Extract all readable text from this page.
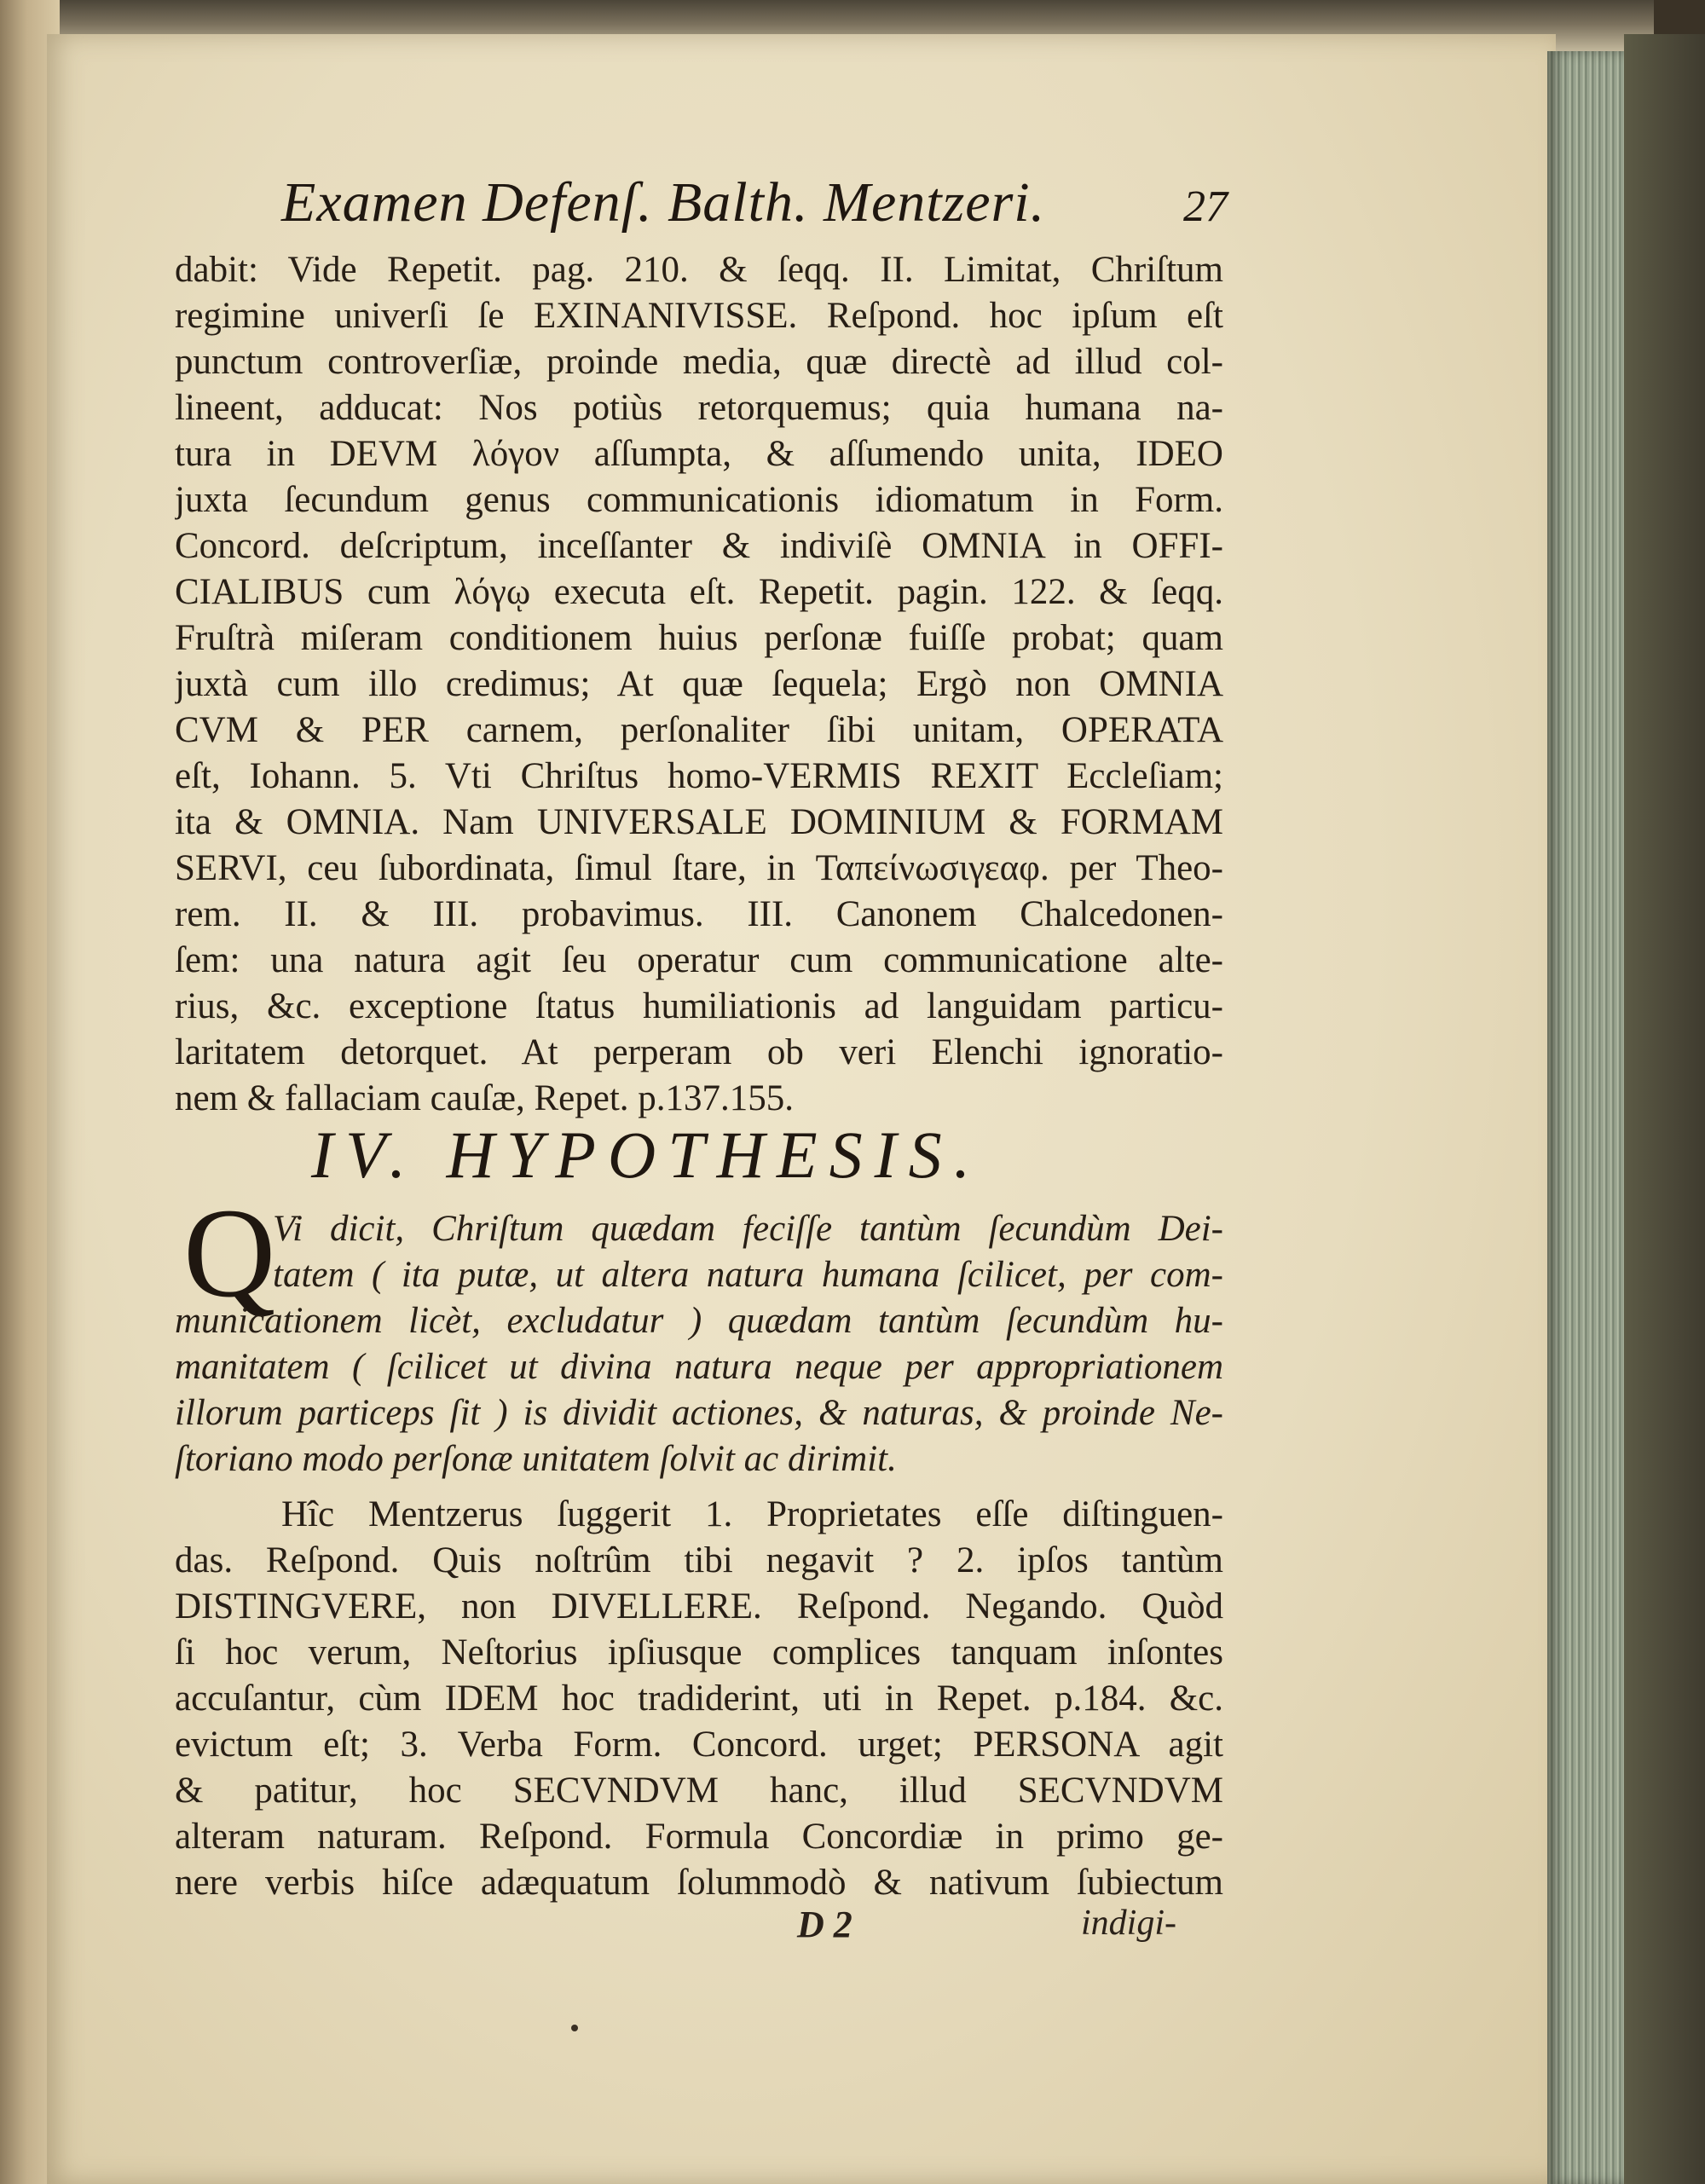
Examen Defenſ. Balth. Mentzeri.	27
dabit: Vide Repetit. pag. 210. & ſeqq. II. Limitat, Chriſtum
regimine univerſi ſe EXINANIVISSE. Reſpond. hoc ipſum eſt
punctum controverſiæ, proinde media, quæ directè ad illud col-
lineent, adducat: Nos potiùs retorquemus; quia humana na-
tura in DEVM λόγον aſſumpta, & aſſumendo unita, IDEO
juxta ſecundum genus communicationis idiomatum in Form.
Concord. deſcriptum, inceſſanter & indiviſè OMNIA in OFFI-
CIALIBUS cum λόγῳ executa eſt. Repetit. pagin. 122. & ſeqq.
Fruſtrà miſeram conditionem huius perſonæ fuiſſe probat; quam
juxtà cum illo credimus; At quæ ſequela; Ergò non OMNIA
CVM & PER carnem, perſonaliter ſibi unitam, OPERATA
eſt, Iohann. 5. Vti Chriſtus homo-VERMIS REXIT Eccleſiam;
ita & OMNIA. Nam UNIVERSALE DOMINIUM & FORMAM
SERVI, ceu ſubordinata, ſimul ſtare, in Ταπείνωσιγεαφ. per Theo-
rem. II. & III. probavimus. III. Canonem Chalcedonen-
ſem: una natura agit ſeu operatur cum communicatione alte-
rius, &c. exceptione ſtatus humiliationis ad languidam particu-
laritatem detorquet. At perperam ob veri Elenchi ignoratio-
nem & fallaciam cauſæ, Repet. p.137.155.
IV. HYPOTHESIS.
Q
Vi dicit, Chriſtum quædam feciſſe tantùm ſecundùm Dei-
tatem ( ita putæ, ut altera natura humana ſcilicet, per com-
municationem licèt, excludatur ) quædam tantùm ſecundùm hu-
manitatem ( ſcilicet ut divina natura neque per appropriationem
illorum particeps ſit ) is dividit actiones, & naturas, & proinde Ne-
ſtoriano modo perſonæ unitatem ſolvit ac dirimit.
Hîc Mentzerus ſuggerit 1. Proprietates eſſe diſtinguen-
das. Reſpond. Quis noſtrûm tibi negavit ? 2. ipſos tantùm
DISTINGVERE, non DIVELLERE. Reſpond. Negando. Quòd
ſi hoc verum, Neſtorius ipſiusque complices tanquam inſontes
accuſantur, cùm IDEM hoc tradiderint, uti in Repet. p.184. &c.
evictum eſt; 3. Verba Form. Concord. urget; PERSONA agit
& patitur, hoc SECVNDVM hanc, illud SECVNDVM
alteram naturam. Reſpond. Formula Concordiæ in primo ge-
nere verbis hiſce adæquatum ſolummodò & nativum ſubiectum
D 2	indigi-
